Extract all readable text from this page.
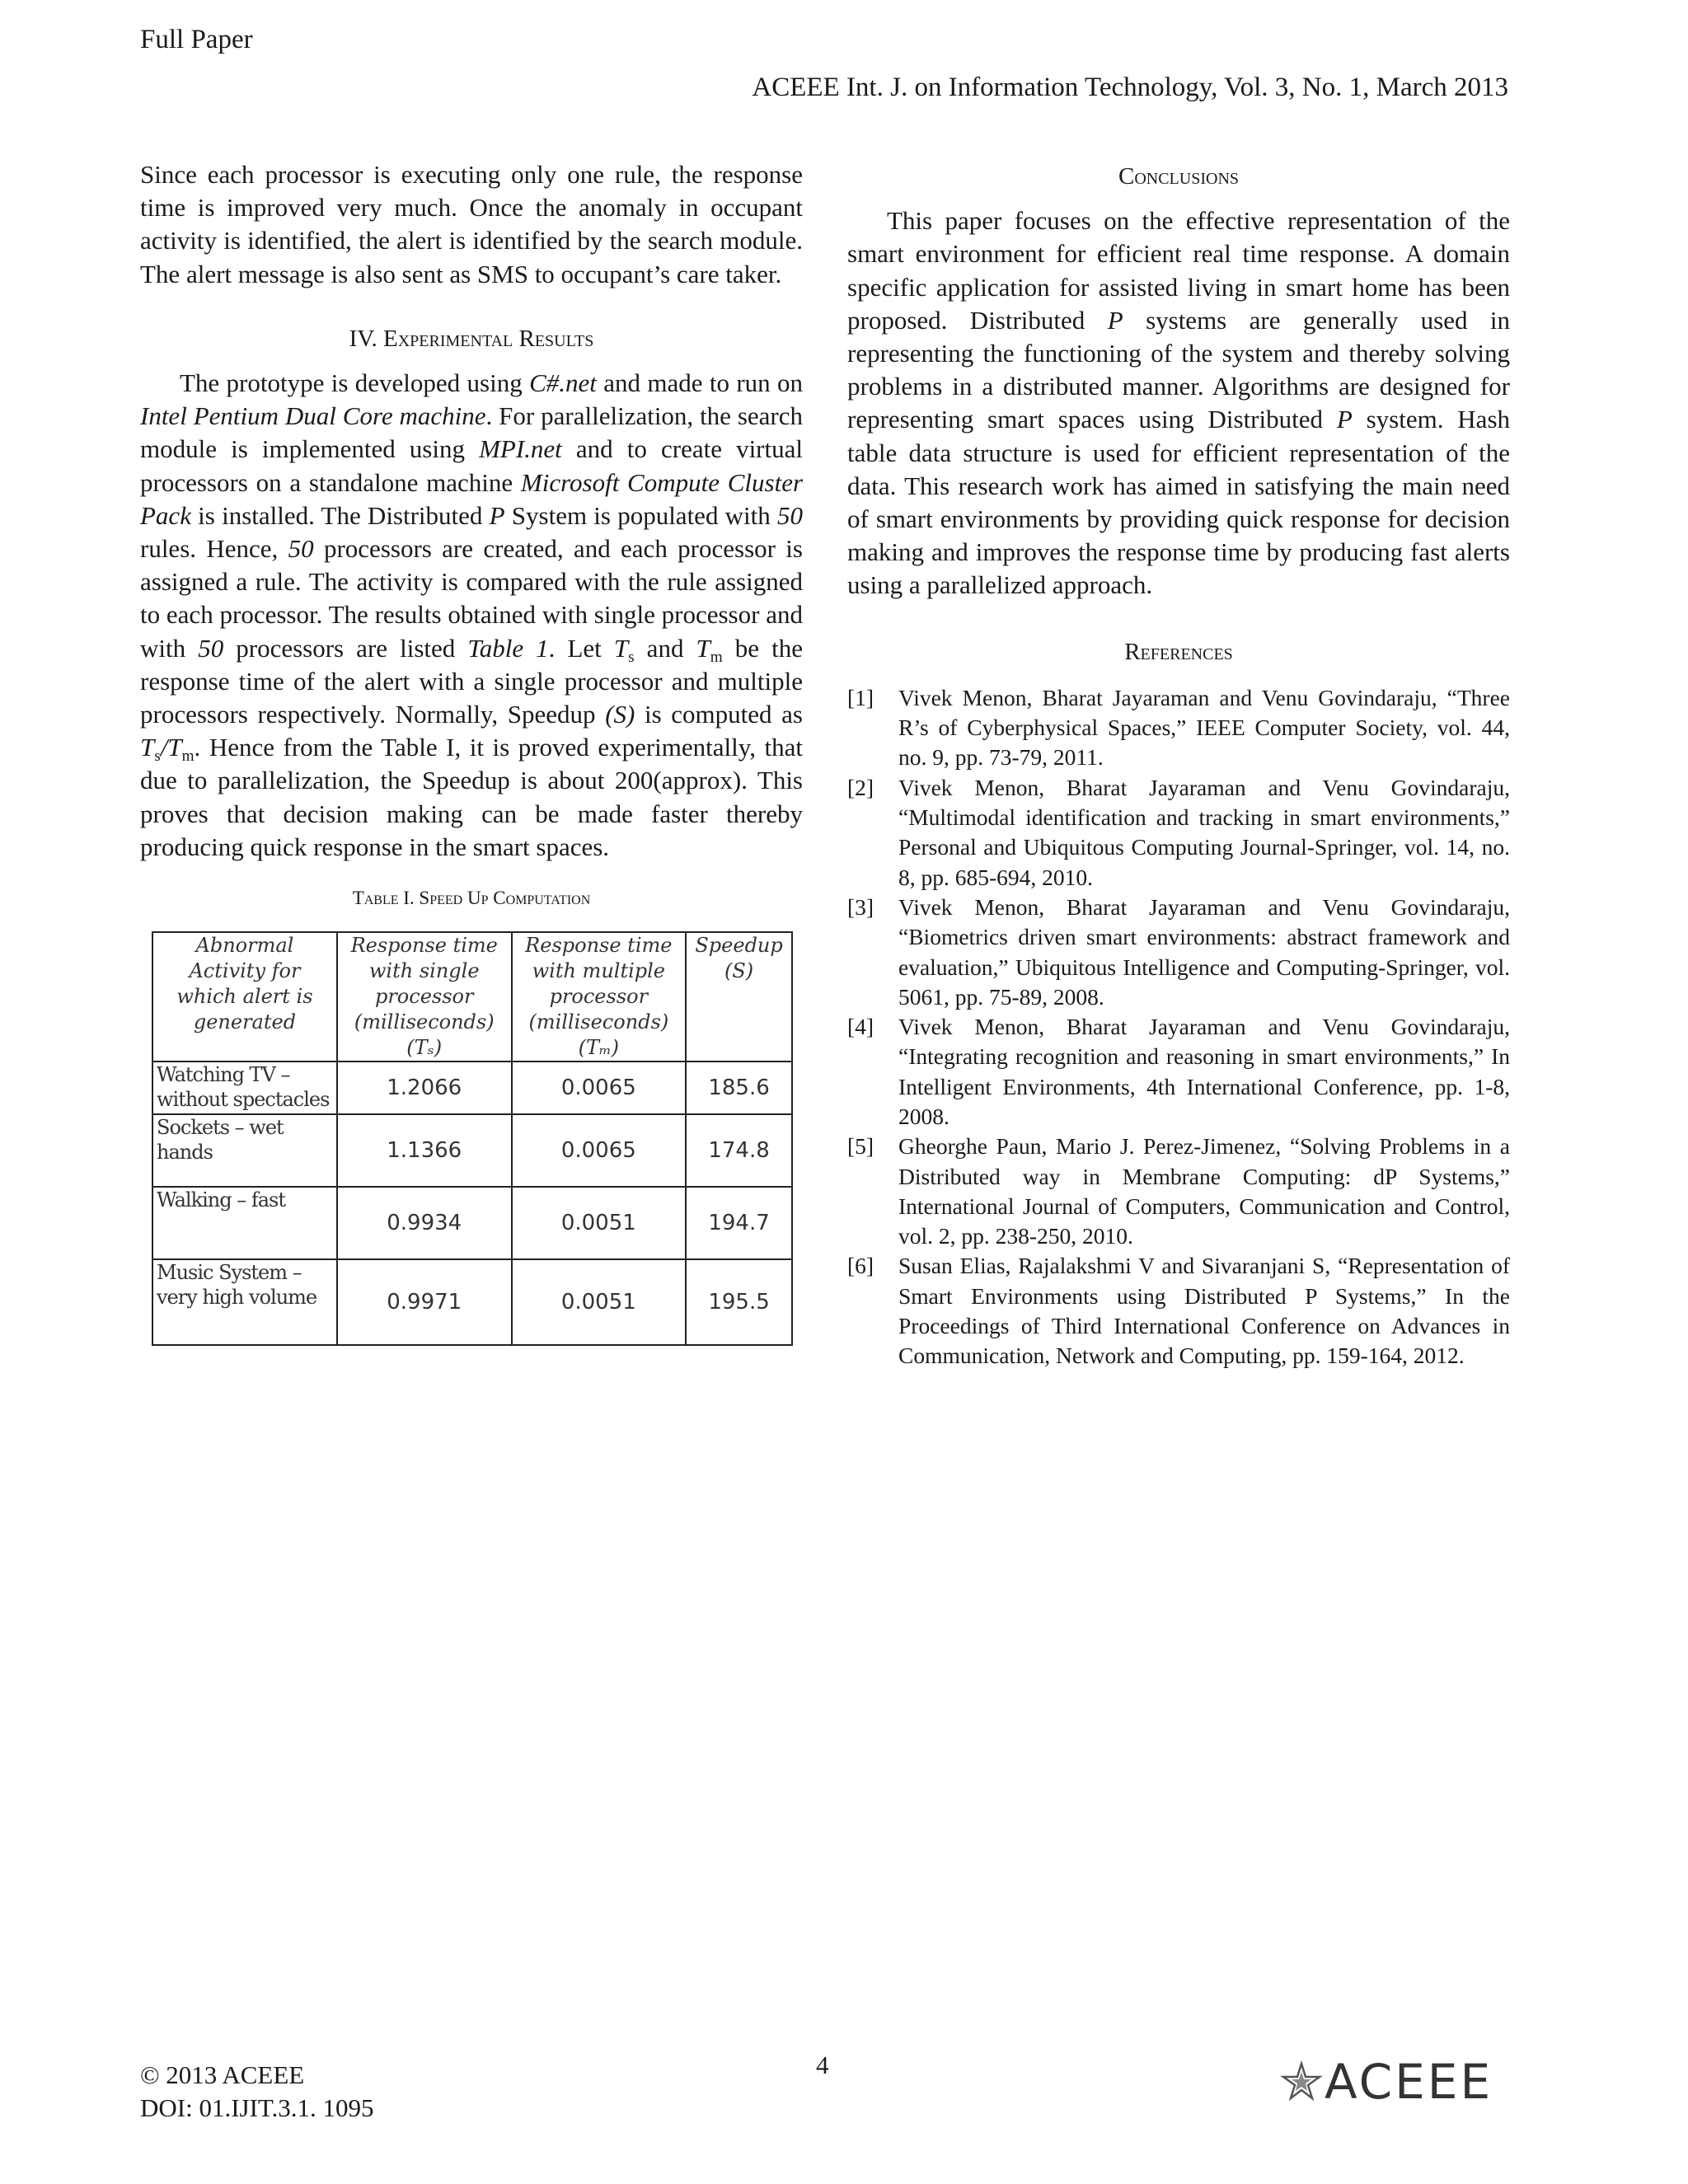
Full Paper
ACEEE Int. J. on Information Technology, Vol. 3, No. 1, March 2013

Since each processor is executing only one rule, the response time is improved very much. Once the anomaly in occupant activity is identified, the alert is identified by the search module. The alert message is also sent as SMS to occupant’s care taker.

IV. Experimental Results

The prototype is developed using C#.net and made to run on Intel Pentium Dual Core machine. For parallelization, the search module is implemented using MPI.net and to create virtual processors on a standalone machine Microsoft Compute Cluster Pack is installed. The Distributed P System is populated with 50 rules. Hence, 50 processors are created, and each processor is assigned a rule. The activity is compared with the rule assigned to each processor. The results obtained with single processor and with 50 processors are listed Table 1. Let $T_s$ and $T_m$ be the response time of the alert with a single processor and multiple processors respectively. Normally, Speedup (S) is computed as $T_s/T_m$. Hence from the Table I, it is proved experimentally, that due to parallelization, the Speedup is about 200(approx). This proves that decision making can be made faster thereby producing quick response in the smart spaces.

Table I. Speed Up Computation

Abnormal Activity for which alert is generated	Response time with single processor (milliseconds) (Tₛ)	Response time with multiple processor (milliseconds) (Tₘ)	Speedup (S)
Watching TV – without spectacles	1.2066	0.0065	185.6
Sockets – wet hands	1.1366	0.0065	174.8
Walking – fast	0.9934	0.0051	194.7
Music System – very high volume	0.9971	0.0051	195.5

Conclusions

This paper focuses on the effective representation of the smart environment for efficient real time response. A domain specific application for assisted living in smart home has been proposed. Distributed P systems are generally used in representing the functioning of the system and thereby solving problems in a distributed manner. Algorithms are designed for representing smart spaces using Distributed P system. Hash table data structure is used for efficient representation of the data. This research work has aimed in satisfying the main need of smart environments by providing quick response for decision making and improves the response time by producing fast alerts using a parallelized approach.

References

[1] Vivek Menon, Bharat Jayaraman and Venu Govindaraju, “Three R’s of Cyberphysical Spaces,” IEEE Computer Society, vol. 44, no. 9, pp. 73-79, 2011.
[2] Vivek Menon, Bharat Jayaraman and Venu Govindaraju, “Multimodal identification and tracking in smart environments,” Personal and Ubiquitous Computing Journal-Springer, vol. 14, no. 8, pp. 685-694, 2010.
[3] Vivek Menon, Bharat Jayaraman and Venu Govindaraju, “Biometrics driven smart environments: abstract framework and evaluation,” Ubiquitous Intelligence and Computing-Springer, vol. 5061, pp. 75-89, 2008.
[4] Vivek Menon, Bharat Jayaraman and Venu Govindaraju, “Integrating recognition and reasoning in smart environments,” In Intelligent Environments, 4th International Conference, pp. 1-8, 2008.
[5] Gheorghe Paun, Mario J. Perez-Jimenez, “Solving Problems in a Distributed way in Membrane Computing: dP Systems,” International Journal of Computers, Communication and Control, vol. 2, pp. 238-250, 2010.
[6] Susan Elias, Rajalakshmi V and Sivaranjani S, “Representation of Smart Environments using Distributed P Systems,” In the Proceedings of Third International Conference on Advances in Communication, Network and Computing, pp. 159-164, 2012.
© 2013 ACEEE
DOI: 01.IJIT.3.1. 1095
4	ACEEE
